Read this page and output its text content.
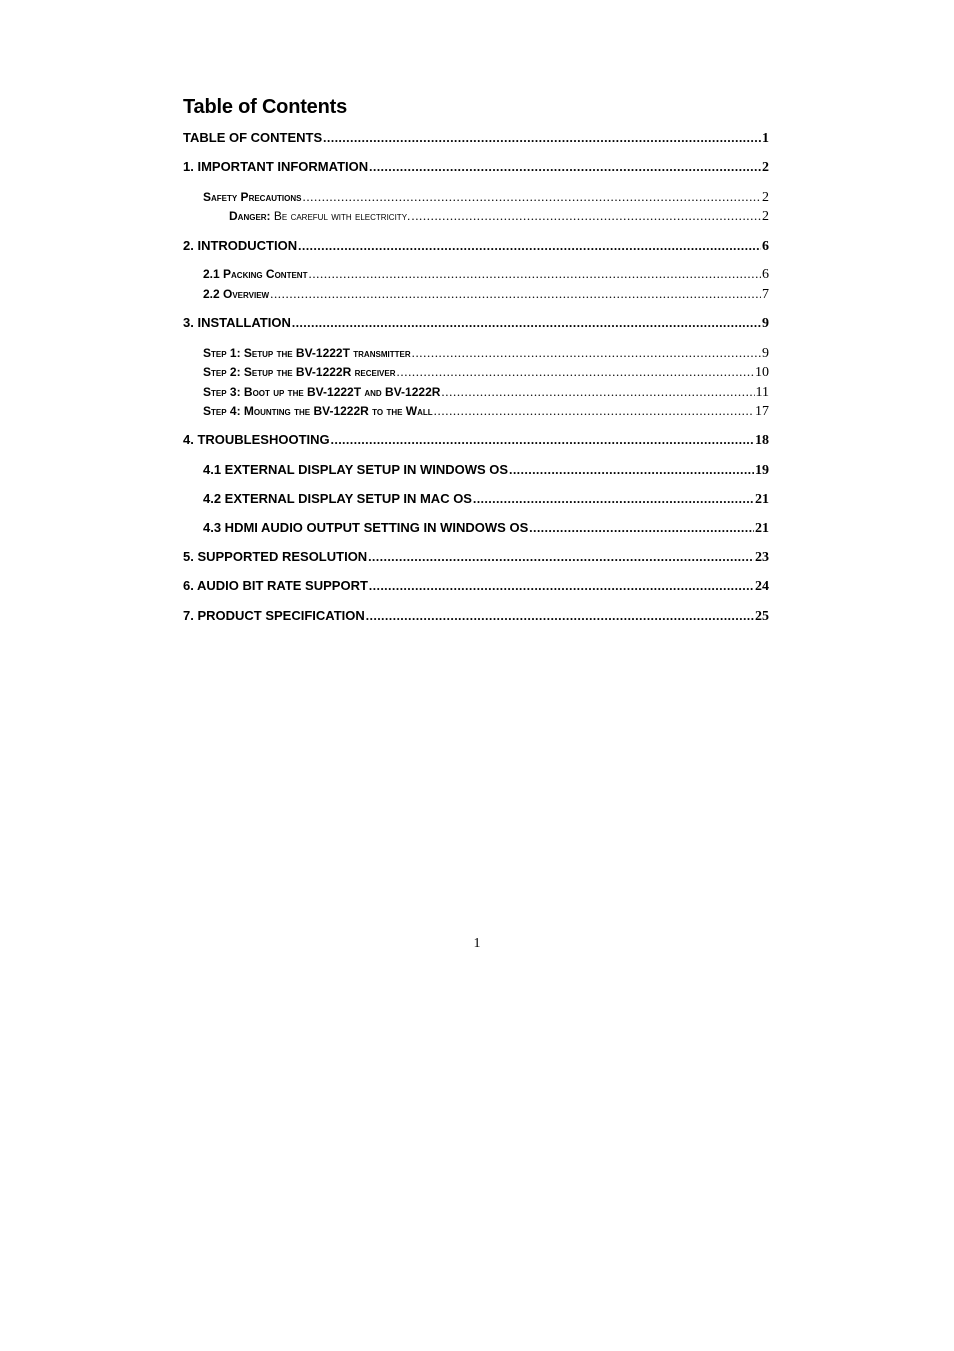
Table of Contents
TABLE OF CONTENTS .....	1
1. IMPORTANT INFORMATION .....	2
Safety Precautions .....	2
Danger: Be careful with electricity. .....	2
2. INTRODUCTION .....	6
2.1 Packing Content .....	6
2.2 Overview .....	7
3. INSTALLATION .....	9
Step 1: Setup the BV-1222T transmitter .....	9
Step 2: Setup the BV-1222R receiver .....	10
Step 3: Boot up the BV-1222T and BV-1222R .....	11
Step 4: Mounting the BV-1222R to the Wall .....	17
4. TROUBLESHOOTING .....	18
4.1 EXTERNAL DISPLAY SETUP IN WINDOWS OS .....	19
4.2 EXTERNAL DISPLAY SETUP IN MAC OS .....	21
4.3 HDMI AUDIO OUTPUT SETTING IN WINDOWS OS .....	21
5. SUPPORTED RESOLUTION .....	23
6. AUDIO BIT RATE SUPPORT .....	24
7. PRODUCT SPECIFICATION .....	25
1
